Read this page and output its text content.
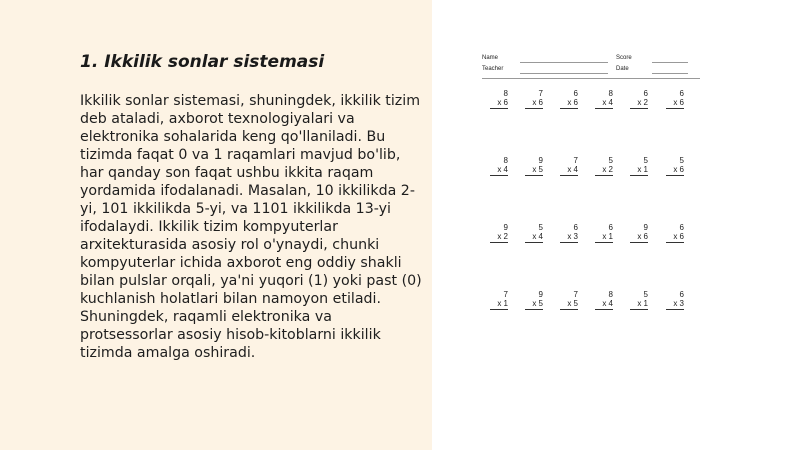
1. Ikkilik sonlar sistemasi

Ikkilik sonlar sistemasi, shuningdek, ikkilik tizim deb ataladi, axborot texnologiyalari va elektronika sohalarida keng qo'llaniladi. Bu tizimda faqat 0 va 1 raqamlari mavjud bo'lib, har qanday son faqat ushbu ikkita raqam yordamida ifodalanadi. Masalan, 10 ikkilikda 2-yi, 101 ikkilikda 5-yi, va 1101 ikkilikda 13-yi ifodalaydi. Ikkilik tizim kompyuterlar arxitekturasida asosiy rol o'ynaydi, chunki kompyuterlar ichida axborot eng oddiy shakli bilan pulslar orqali, ya'ni yuqori (1) yoki past (0) kuchlanish holatlari bilan namoyon etiladi. Shuningdek, raqamli elektronika va protsessorlar asosiy hisob-kitoblarni ikkilik tizimda amalga oshiradi.

Name	Score
Teacher	Date
8
x 6
7
x 6
6
x 6
8
x 4
6
x 2
6
x 6
8
x 4
9
x 5
7
x 4
5
x 2
5
x 1
5
x 6
9
x 2
5
x 4
6
x 3
6
x 1
9
x 6
6
x 6
7
x 1
9
x 5
7
x 5
8
x 4
5
x 1
6
x 3
